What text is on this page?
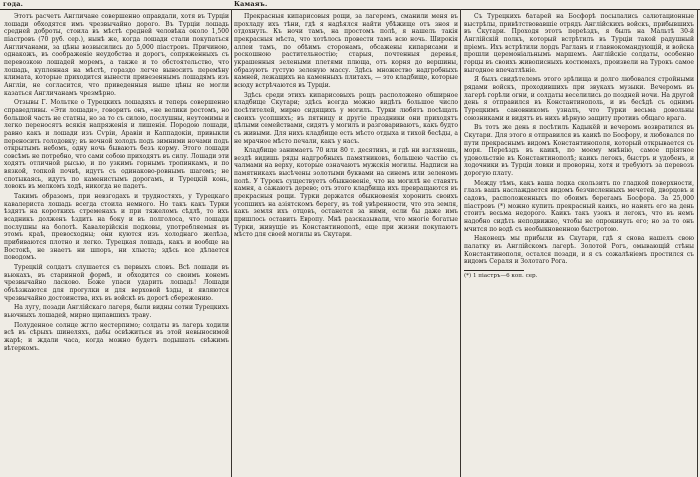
года.	Камаяъ.

Этотъ расчетъ Англичане совершенно оправдали, хотя въ Турціи лошади обходятся имъ чрезвычайно дорого. Въ Турціи лошадь средней доброты, стоила въ мѣстѣ средней человѣка около 1,500 піастровъ (70 руб. сер.), нынѣ же, когда лошади стали покупаться Англичанами, за цѣны возвысились до 5,000 піастровъ. Причиною, однакожъ, въ соображеніе неудобства и дорогъ, сопряженныхъ съ перевозкою лошадей моремъ, а также и то обстоятельство, что лошадь, купленная на мѣстѣ, гораздо легче выноситъ перемѣну климата, которые приходится вынести привезеннымъ лошадямъ изъ Англіи, не согласится, что приведенныя выше цѣны не могли казаться Англичанамъ чрезмѣрно.

Отзывы Г. Мольтке о Турецкихъ лошадяхъ и теперь совершенно справедливы. «Эти лошади», говоритъ онъ, «не велики ростомъ, но большой часть не статны, но за то съ силою, послушны, неутомимы и легко переносятъ всякія напряженія и лишенія. Породою лошади, равно какъ и лошади изъ Сѵріи, Аравіи и Каппадокіи, привыкли переносить голодовку; въ ночной холодъ подъ зимними ночами подъ открытымъ небомъ, одну ночь бываютъ безъ корму. Этого лошади совсѣмъ не потребно, что сами собою приходятъ въ силу. Лошади эти ходятъ отличной рысью, и по узкимъ горнымъ тропинкамъ, и по вязкой, топкой почвѣ, идутъ съ одинаково-ровнымъ шагомъ; не спотыкаясь, идутъ по каменистымъ дорогамъ, и Турецкій конь, ловокъ въ мелкомъ ходѣ, никогда не падетъ.

Такимъ образомъ, при невзгодахъ и трудностяхъ, у Турецкаго кавалериста лошадь всегда стоила немного. Но такъ какъ Турки ѣздятъ на короткихъ стременахъ и при тяжеломъ сѣдлѣ, то ихъ всадникъ долженъ ѣздить на боку и въ полголоса, что лошади послушны на болотѣ. Кавалерійскія подковы, употребляемыя въ этомъ краѣ, превосходны; они куются изъ холоднаго желѣза, прибиваются плотно и легко. Турецкая лошадь, какъ и вообще на Востокѣ, не знаетъ ни шпоръ, ни хлыста; здѣсь все дѣлается поводомъ.

Турецкій солдатъ слушается съ первыхъ словъ. Всѣ лошади въ вьюкахъ, въ старинной формѣ, и обходится со своимъ конемъ чрезвычайно ласково. Боже упаси ударить лошадь! Лошади объѣзжаются для прогулки и для верховой ѣзды, и являются чрезвычайно достоинства, ихъ въ войскѣ въ дорогѣ сбережению.

На лугу, позади Англійскаго лагеря, были видны сотни Турецкихъ вьючныхъ лошадей, мирно щипавшихъ траву.

Полуденное солнце жгло нестерпимо; солдаты въ лагерь ходили всѣ въ сѣрыхъ шинеляхъ, дабы освѣжиться въ этой невыносимой жарѣ; и ждали часа, когда можно будетъ подышать свѣжимъ вѣтеркомъ.

Прекрасныя кипарисовыя рощи, за лагеремъ, сманили меня въ прохладу ихъ тѣни, гдѣ я надѣялся найти убѣжище отъ зноя и отдохнуть. Къ ночи тамъ, на простомъ полѣ, я нашелъ такія прекрасныя мѣста, что хотѣлось провести тамъ всю ночь. Широкія аллеи тамъ, по обѣимъ сторонамъ, обсажены кипарисами и роскошною растительностію; старыя, почтенныя деревья, украшенныя зелеными плетями плюща, отъ корня до вершины, образуютъ густую зеленую массу. Здѣсь множество надгробныхъ камней, лежащихъ на каменныхъ плитахъ, — это кладбище, которые всюду встрѣчаются въ Турціи.

Здѣсь среди этихъ кипарисовыхъ рощъ расположено обширное кладбище Скутари; здѣсь всегда можно видѣть большое число посѣтителей, мирно сидящихъ у могилъ. Турки любятъ посѣщать своихъ усопшихъ; въ пятницу и другіе праздники они приходятъ цѣлыми семействами, сидятъ у могилъ и разговариваютъ, какъ будто съ живыми. Для нихъ кладбище есть мѣсто отдыха и тихой бесѣды, а не мрачное мѣсто печали, какъ у насъ.

Кладбище занимаетъ 70 или 80 т. десятинъ, и гдѣ ни взглянешь, вездѣ видишь ряды надгробныхъ памятниковъ, большею частію съ чалмами на верху, которые означаютъ мужскія могилы. Надписи на памятникахъ высѣчены золотыми буквами на синемъ или зеленомъ полѣ. У Турокъ существуетъ обыкновеніе, что на могилѣ не ставятъ камня, а сажаютъ дерево; отъ этого кладбища ихъ превращаются въ прекрасныя рощи. Турки держатся обыкновенія хоронить своихъ усопшихъ на азіятскомъ берегу, въ той увѣренности, что эта земля, какъ земля ихъ отцовъ, останется за ними, если бы даже имъ пришлось оставить Европу. Мнѣ разсказывали, что многіе богатые Турки, живущіе въ Константинополѣ, еще при жизни покупаютъ мѣсто для своей могилы въ Скутари.

Съ Турецкихъ батарей на Босфорѣ посылались салютационные выстрѣлы, привѣтствовавшіе отрядъ Англійскихъ войскъ, прибывшихъ въ Скутари. Проходя этотъ переѣздъ, я былъ на Мальтѣ 30-й Англійскій полкъ, который встрѣтилъ въ Турціи такой радушный пріемъ. Ихъ встрѣтили лордъ Рагланъ и главнокомандующій, и войска прошли церемоніальнымъ маршемъ. Англійскіе солдаты, особенно горцы въ своихъ живописныхъ костюмахъ, произвели на Турокъ самое выгодное впечатлѣніе.

Я былъ свидѣтелемъ этого зрѣлища и долго любовался стройными рядами войскъ, проходившихъ при звукахъ музыки. Вечеромъ въ лагерѣ горѣли огни, и солдаты веселились до поздней ночи. На другой день я отправился въ Константинополь, и въ бесѣдѣ съ однимъ Турецкимъ сановникомъ узналъ, что Турки весьма довольны союзниками и видятъ въ нихъ вѣрную защиту противъ общаго врага.

Въ тотъ же день я посѣтилъ Кадыкёй и вечеромъ возвратился въ Скутари. Для этого я отправился въ каикѣ по Босфору, и любовался по пути прекраснымъ видомъ Константинополя, который открывается съ моря. Переѣздъ въ каикѣ, по моему мнѣнію, самое пріятное удовольствіе въ Константинополѣ; каикъ легокъ, быстръ и удобенъ, и лодочники въ Турціи ловки и проворны, хотя и требуютъ за перевозъ дорогую плату.

Между тѣмъ, какъ ваша лодка скользитъ по гладкой поверхности, глазъ вашъ наслаждается видомъ безчисленныхъ мечетей, дворцовъ и садовъ, расположенныхъ по обоимъ берегамъ Босфора. За 25,000 піастровъ (*) можно купить прекрасный каикъ, но нанять его на день стоитъ весьма недорого. Каикъ такъ узокъ и легокъ, что въ немъ надобно сидѣть неподвижно, чтобы не опрокинуть его; но за то онъ мчится по водѣ съ необыкновенною быстротою.

Наконецъ мы прибыли въ Скутари, гдѣ я снова нашелъ свою палатку въ Англійскомъ лагерѣ. Золотой Рогъ, омывающій стѣны Константинополя, остался позади, и я съ сожалѣніемъ простился съ видомъ Сераля и Золотаго Рога.

(*) 1 піастръ—6 коп. сер.
